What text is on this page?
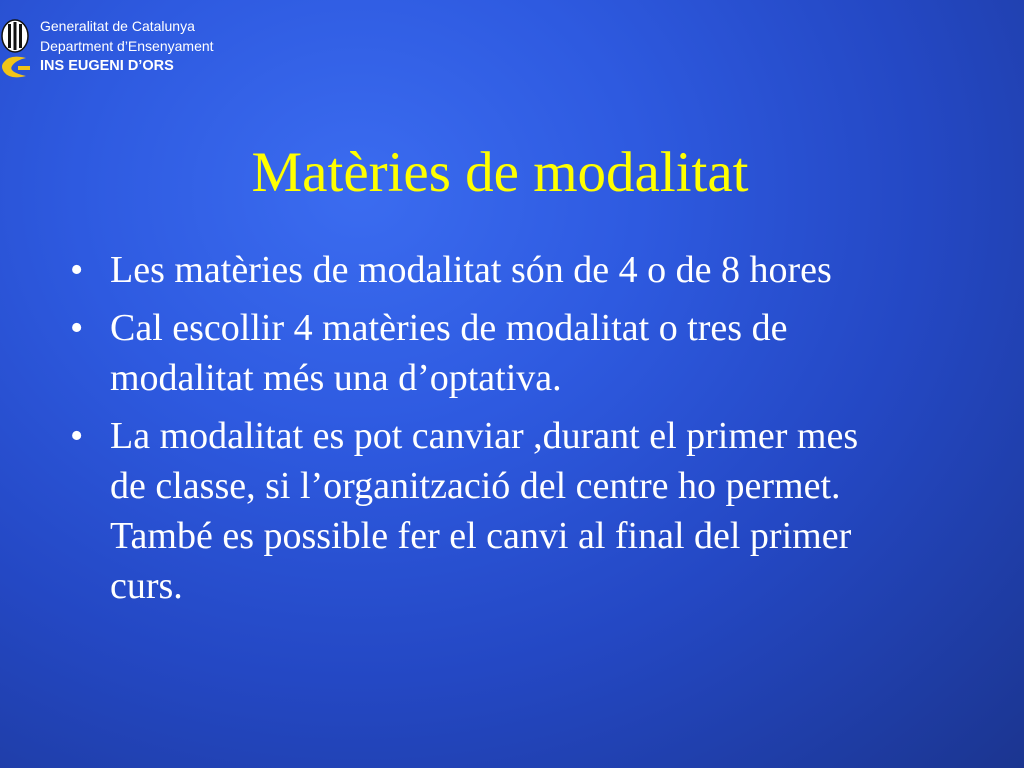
Generalitat de Catalunya
Department d’Ensenyament
INS EUGENI D’ORS
Matèries de modalitat
• Les matèries de modalitat són de 4 o de 8 hores
• Cal escollir 4 matèries de modalitat o tres de modalitat més una d’optativa.
• La modalitat es pot canviar ,durant el primer mes de classe, si l’organització del centre ho permet. També es possible fer el canvi al final del primer curs.
